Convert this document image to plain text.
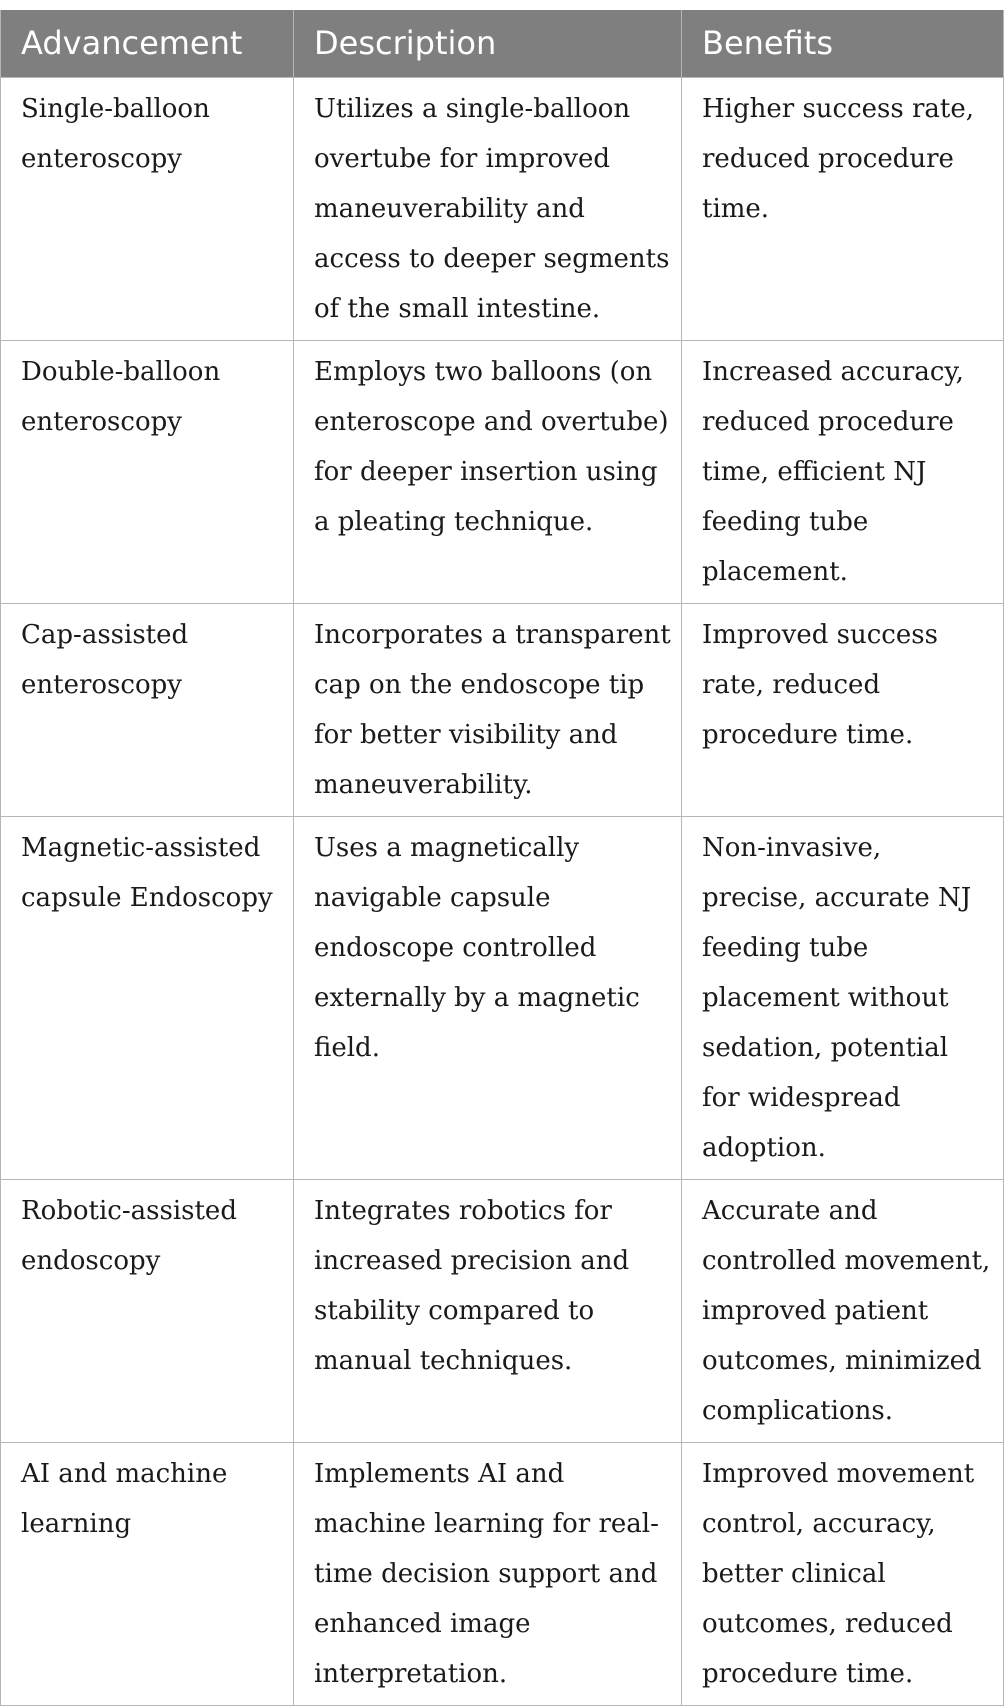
Advancement	Description	Benefits
Single-balloon enteroscopy	Utilizes a single-balloon overtube for improved maneuverability and access to deeper segments of the small intestine.	Higher success rate, reduced procedure time.
Double-balloon enteroscopy	Employs two balloons (on enteroscope and overtube) for deeper insertion using a pleating technique.	Increased accuracy, reduced procedure time, efficient NJ feeding tube placement.
Cap-assisted enteroscopy	Incorporates a transparent cap on the endoscope tip for better visibility and maneuverability.	Improved success rate, reduced procedure time.
Magnetic-assisted capsule Endoscopy	Uses a magnetically navigable capsule endoscope controlled externally by a magnetic field.	Non-invasive, precise, accurate NJ feeding tube placement without sedation, potential for widespread adoption.
Robotic-assisted endoscopy	Integrates robotics for increased precision and stability compared to manual techniques.	Accurate and controlled movement, improved patient outcomes, minimized complications.
AI and machine learning	Implements AI and machine learning for real-time decision support and enhanced image interpretation.	Improved movement control, accuracy, better clinical outcomes, reduced procedure time.
